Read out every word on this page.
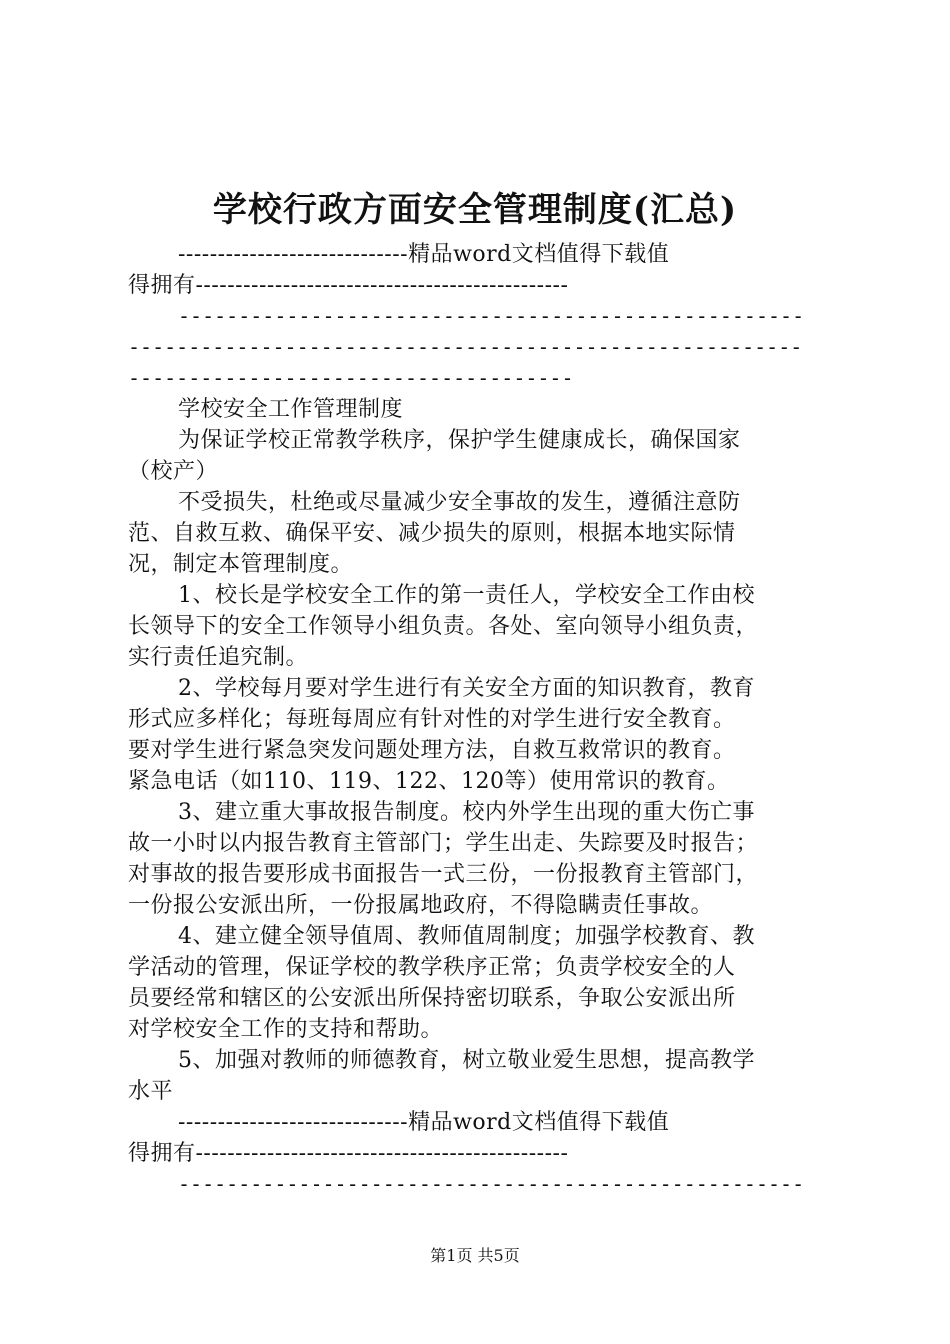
学校行政方面安全管理制度(汇总)
-----------------------------精品word文档值得下载值
得拥有-----------------------------------------------
----------------------------------------------------
--------------------------------------------------------
-------------------------------------
学校安全工作管理制度
为保证学校正常教学秩序，保护学生健康成长，确保国家
（校产）
不受损失，杜绝或尽量减少安全事故的发生，遵循注意防
范、自救互救、确保平安、减少损失的原则，根据本地实际情
况，制定本管理制度。
1、校长是学校安全工作的第一责任人，学校安全工作由校
长领导下的安全工作领导小组负责。各处、室向领导小组负责，
实行责任追究制。
2、学校每月要对学生进行有关安全方面的知识教育，教育
形式应多样化；每班每周应有针对性的对学生进行安全教育。
要对学生进行紧急突发问题处理方法，自救互救常识的教育。
紧急电话（如110、119、122、120等）使用常识的教育。
3、建立重大事故报告制度。校内外学生出现的重大伤亡事
故一小时以内报告教育主管部门；学生出走、失踪要及时报告；
对事故的报告要形成书面报告一式三份，一份报教育主管部门，
一份报公安派出所，一份报属地政府，不得隐瞒责任事故。
4、建立健全领导值周、教师值周制度；加强学校教育、教
学活动的管理，保证学校的教学秩序正常；负责学校安全的人
员要经常和辖区的公安派出所保持密切联系，争取公安派出所
对学校安全工作的支持和帮助。
5、加强对教师的师德教育，树立敬业爱生思想，提高教学
水平
-----------------------------精品word文档值得下载值
得拥有-----------------------------------------------
----------------------------------------------------
第1页 共5页
